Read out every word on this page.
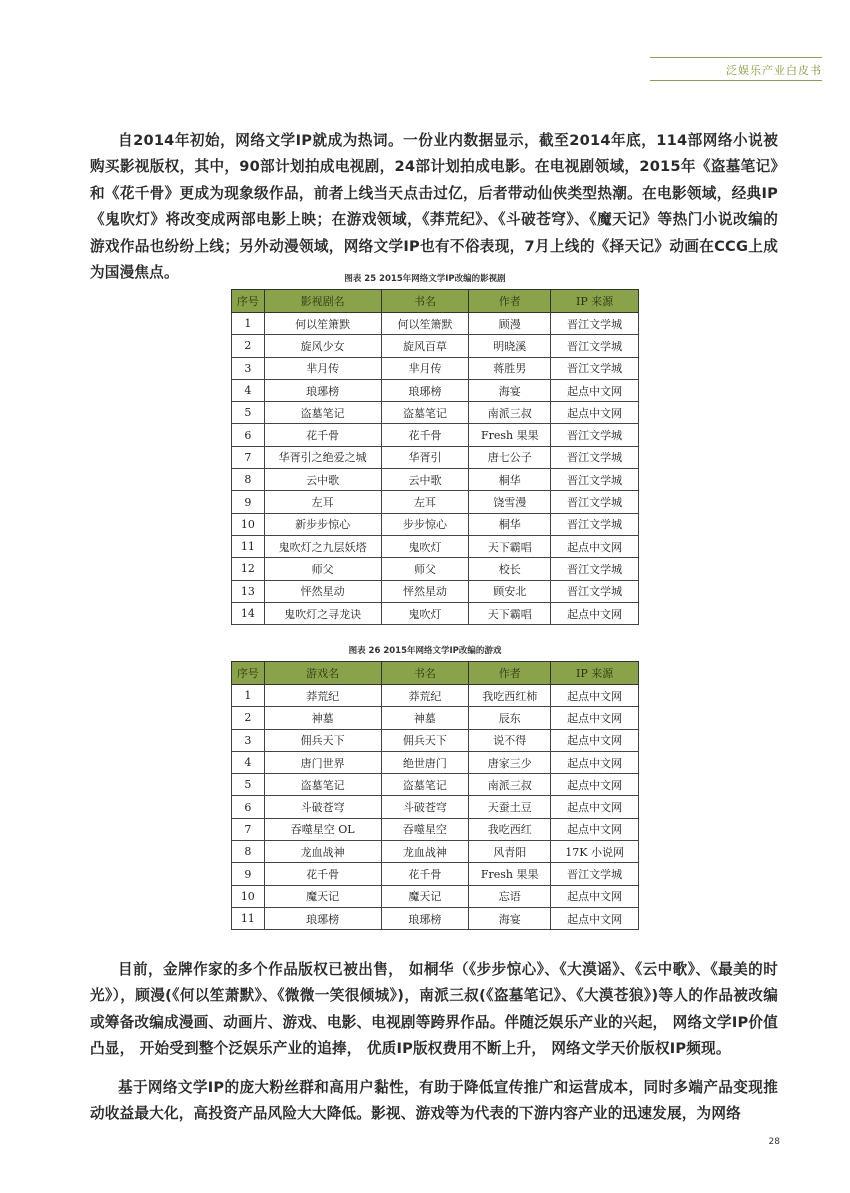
泛娱乐产业白皮书

自2014年初始，网络文学IP就成为热词。一份业内数据显示，截至2014年底，114部网络小说被购买影视版权，其中，90部计划拍成电视剧，24部计划拍成电影。在电视剧领域，2015年《盗墓笔记》和《花千骨》更成为现象级作品，前者上线当天点击过亿，后者带动仙侠类型热潮。在电影领域，经典IP《鬼吹灯》将改变成两部电影上映；在游戏领域，《莽荒纪》、《斗破苍穹》、《魔天记》等热门小说改编的游戏作品也纷纷上线；另外动漫领域，网络文学IP也有不俗表现，7月上线的《择天记》动画在CCG上成为国漫焦点。	图表 25 2015年网络文学IP改编的影视剧
序号	影视剧名	书名	作者	IP 来源
1	何以笙箫默	何以笙箫默	顾漫	晋江文学城
2	旋风少女	旋风百草	明晓溪	晋江文学城
3	芈月传	芈月传	蒋胜男	晋江文学城
4	琅琊榜	琅琊榜	海宴	起点中文网
5	盗墓笔记	盗墓笔记	南派三叔	起点中文网
6	花千骨	花千骨	Fresh 果果	晋江文学城
7	华胥引之绝爱之城	华胥引	唐七公子	晋江文学城
8	云中歌	云中歌	桐华	晋江文学城
9	左耳	左耳	饶雪漫	晋江文学城
10	新步步惊心	步步惊心	桐华	晋江文学城
11	鬼吹灯之九层妖塔	鬼吹灯	天下霸唱	起点中文网
12	师父	师父	校长	晋江文学城
13	怦然星动	怦然星动	顾安北	晋江文学城
14	鬼吹灯之寻龙诀	鬼吹灯	天下霸唱	起点中文网
图表 26 2015年网络文学IP改编的游戏
序号	游戏名	书名	作者	IP 来源
1	莽荒纪	莽荒纪	我吃西红柿	起点中文网
2	神墓	神墓	辰东	起点中文网
3	佣兵天下	佣兵天下	说不得	起点中文网
4	唐门世界	绝世唐门	唐家三少	起点中文网
5	盗墓笔记	盗墓笔记	南派三叔	起点中文网
6	斗破苍穹	斗破苍穹	天蚕土豆	起点中文网
7	吞噬星空 OL	吞噬星空	我吃西红	起点中文网
8	龙血战神	龙血战神	风青阳	17K 小说网
9	花千骨	花千骨	Fresh 果果	晋江文学城
10	魔天记	魔天记	忘语	起点中文网
11	琅琊榜	琅琊榜	海宴	起点中文网

目前，金牌作家的多个作品版权已被出售， 如桐华（《步步惊心》、《大漠谣》、《云中歌》、《最美的时光》），顾漫(《何以笙萧默》、《微微一笑很倾城》)，南派三叔(《盗墓笔记》、《大漠苍狼》)等人的作品被改编或筹备改编成漫画、动画片、游戏、电影、电视剧等跨界作品。伴随泛娱乐产业的兴起， 网络文学IP价值凸显， 开始受到整个泛娱乐产业的追捧， 优质IP版权费用不断上升， 网络文学天价版权IP频现。

基于网络文学IP的庞大粉丝群和高用户黏性，有助于降低宣传推广和运营成本，同时多端产品变现推动收益最大化，高投资产品风险大大降低。影视、游戏等为代表的下游内容产业的迅速发展，为网络

28
